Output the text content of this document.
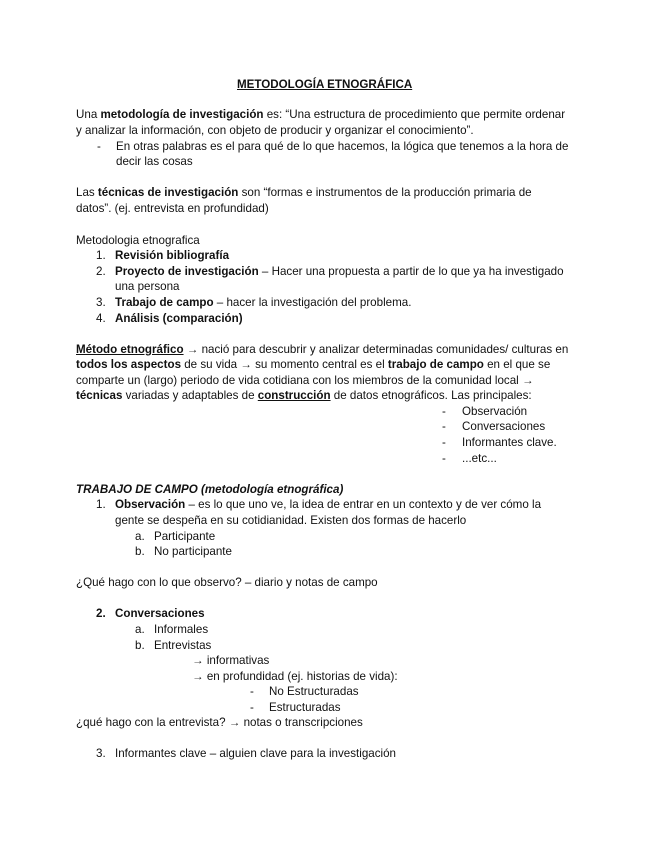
METODOLOGÍA ETNOGRÁFICA
Una metodología de investigación es: “Una estructura de procedimiento que permite ordenar
y analizar la información, con objeto de producir y organizar el conocimiento”.
- En otras palabras es el para qué de lo que hacemos, la lógica que tenemos a la hora de
decir las cosas
Las técnicas de investigación son “formas e instrumentos de la producción primaria de
datos”. (ej. entrevista en profundidad)
Metodologia etnografica
1. Revisión bibliografía
2. Proyecto de investigación – Hacer una propuesta a partir de lo que ya ha investigado
una persona
3. Trabajo de campo – hacer la investigación del problema.
4. Análisis (comparación)
Método etnográfico → nació para descubrir y analizar determinadas comunidades/ culturas en
todos los aspectos de su vida → su momento central es el trabajo de campo en el que se
comparte un (largo) periodo de vida cotidiana con los miembros de la comunidad local →
técnicas variadas y adaptables de construcción de datos etnográficos. Las principales:
- Observación
- Conversaciones
- Informantes clave.
- ...etc...
TRABAJO DE CAMPO (metodología etnográfica)
1. Observación – es lo que uno ve, la idea de entrar en un contexto y de ver cómo la
gente se despeña en su cotidianidad. Existen dos formas de hacerlo
a. Participante
b. No participante
¿Qué hago con lo que observo? – diario y notas de campo
2. Conversaciones
a. Informales
b. Entrevistas
→ informativas
→ en profundidad (ej. historias de vida):
- No Estructuradas
- Estructuradas
¿qué hago con la entrevista? → notas o transcripciones
3. Informantes clave – alguien clave para la investigación
